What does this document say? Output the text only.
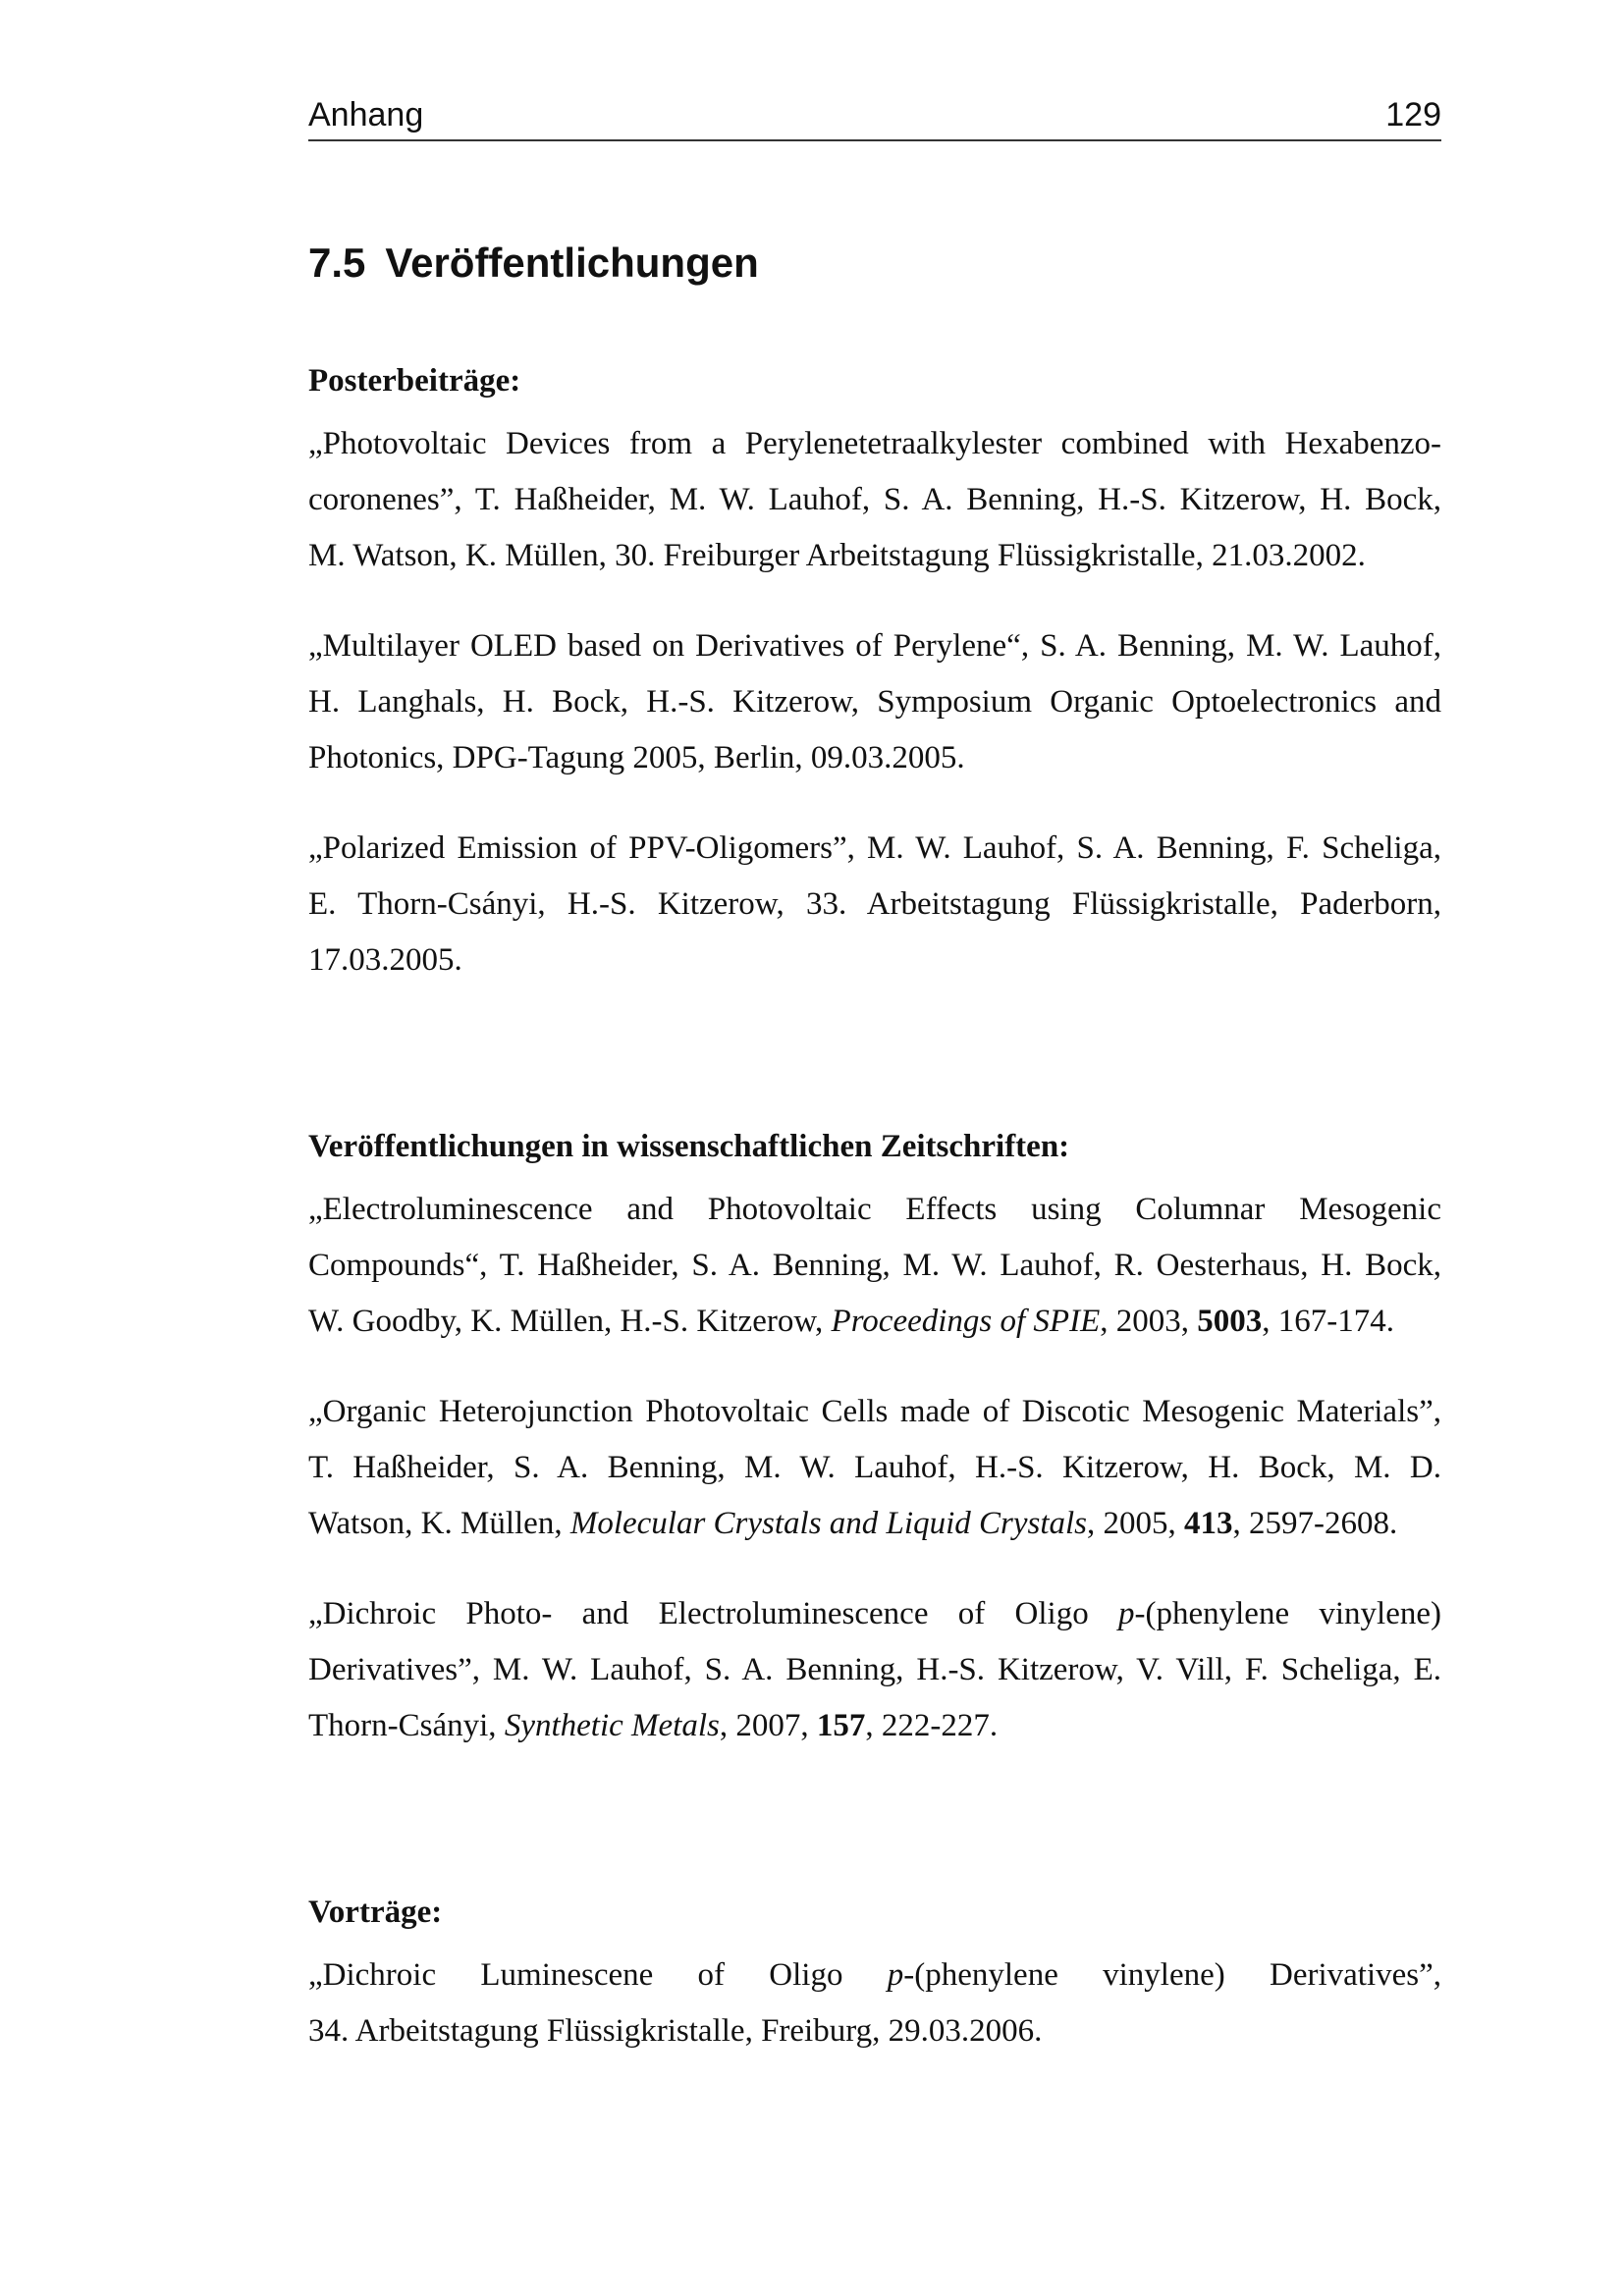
Anhang	129
7.5 Veröffentlichungen
Posterbeiträge:

„Photovoltaic Devices from a Perylenetetraalkylester combined with Hexabenzo-
coronenes”, T. Haßheider, M. W. Lauhof, S. A. Benning, H.-S. Kitzerow, H. Bock,
M. Watson, K. Müllen, 30. Freiburger Arbeitstagung Flüssigkristalle, 21.03.2002.

„Multilayer OLED based on Derivatives of Perylene“, S. A. Benning, M. W. Lauhof,
H. Langhals, H. Bock, H.-S. Kitzerow, Symposium Organic Optoelectronics and
Photonics, DPG-Tagung 2005, Berlin, 09.03.2005.

„Polarized Emission of PPV-Oligomers”, M. W. Lauhof, S. A. Benning, F. Scheliga,
E. Thorn-Csányi, H.-S. Kitzerow, 33. Arbeitstagung Flüssigkristalle, Paderborn,
17.03.2005.

Veröffentlichungen in wissenschaftlichen Zeitschriften:

„Electroluminescence and Photovoltaic Effects using Columnar Mesogenic
Compounds“, T. Haßheider, S. A. Benning, M. W. Lauhof, R. Oesterhaus, H. Bock,
W. Goodby, K. Müllen, H.-S. Kitzerow, Proceedings of SPIE, 2003, 5003, 167-174.

„Organic Heterojunction Photovoltaic Cells made of Discotic Mesogenic Materials”,
T. Haßheider, S. A. Benning, M. W. Lauhof, H.-S. Kitzerow, H. Bock, M. D.
Watson, K. Müllen, Molecular Crystals and Liquid Crystals, 2005, 413, 2597-2608.

„Dichroic Photo- and Electroluminescence of Oligo p-(phenylene vinylene)
Derivatives”, M. W. Lauhof, S. A. Benning, H.-S. Kitzerow, V. Vill, F. Scheliga, E.
Thorn-Csányi, Synthetic Metals, 2007, 157, 222-227.

Vorträge:

„Dichroic Luminescene of Oligo p-(phenylene vinylene) Derivatives”,
34. Arbeitstagung Flüssigkristalle, Freiburg, 29.03.2006.
